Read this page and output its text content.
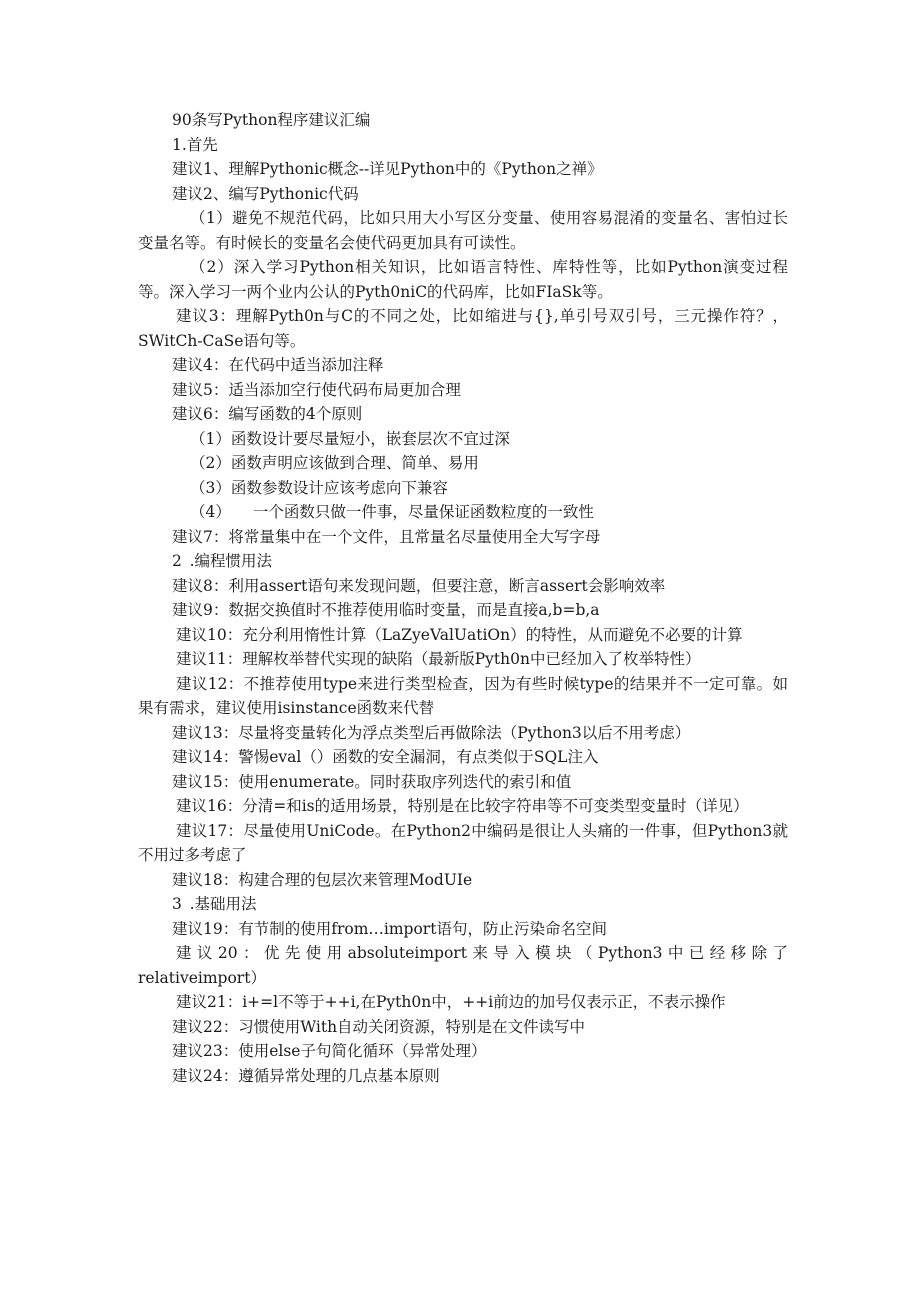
90条写Python程序建议汇编

1.首先

建议1、理解Pythonic概念--详见Python中的《Python之禅》

建议2、编写Pythonic代码

（1）避免不规范代码，比如只用大小写区分变量、使用容易混淆的变量名、害怕过长变量名等。有时候长的变量名会使代码更加具有可读性。

（2）深入学习Python相关知识，比如语言特性、库特性等，比如Python演变过程等。深入学习一两个业内公认的Pyth0niC的代码库，比如FIaSk等。

建议3：理解Pyth0n与C的不同之处，比如缩进与{},单引号双引号，三元操作符？，SWitCh-CaSe语句等。

建议4：在代码中适当添加注释

建议5：适当添加空行使代码布局更加合理

建议6：编写函数的4个原则

（1）函数设计要尽量短小，嵌套层次不宜过深

（2）函数声明应该做到合理、简单、易用

（3）函数参数设计应该考虑向下兼容

（4） 一个函数只做一件事，尽量保证函数粒度的一致性

建议7：将常量集中在一个文件，且常量名尽量使用全大写字母

2 .编程惯用法

建议8：利用assert语句来发现问题，但要注意，断言assert会影响效率

建议9：数据交换值时不推荐使用临时变量，而是直接a,b=b,a

建议10：充分利用惰性计算（LaZyeValUatiOn）的特性，从而避免不必要的计算

建议11：理解枚举替代实现的缺陷（最新版Pyth0n中已经加入了枚举特性）

建议12：不推荐使用type来进行类型检查，因为有些时候type的结果并不一定可靠。如果有需求，建议使用isinstance函数来代替

建议13：尽量将变量转化为浮点类型后再做除法（Python3以后不用考虑）

建议14：警惕eval（）函数的安全漏洞，有点类似于SQL注入

建议15：使用enumerate。同时获取序列迭代的索引和值

建议16：分清=和is的适用场景，特别是在比较字符串等不可变类型变量时（详见）

建议17：尽量使用UniCode。在Python2中编码是很让人头痛的一件事，但Python3就不用过多考虑了

建议18：构建合理的包层次来管理ModUIe

3 .基础用法

建议19：有节制的使用from…import语句，防止污染命名空间

建议20：优先使用absoluteimport来导入模块（Python3中已经移除了relativeimport）

建议21：i+=l不等于++i,在Pyth0n中，++i前边的加号仅表示正，不表示操作

建议22：习惯使用With自动关闭资源，特别是在文件读写中

建议23：使用else子句简化循环（异常处理）

建议24：遵循异常处理的几点基本原则
